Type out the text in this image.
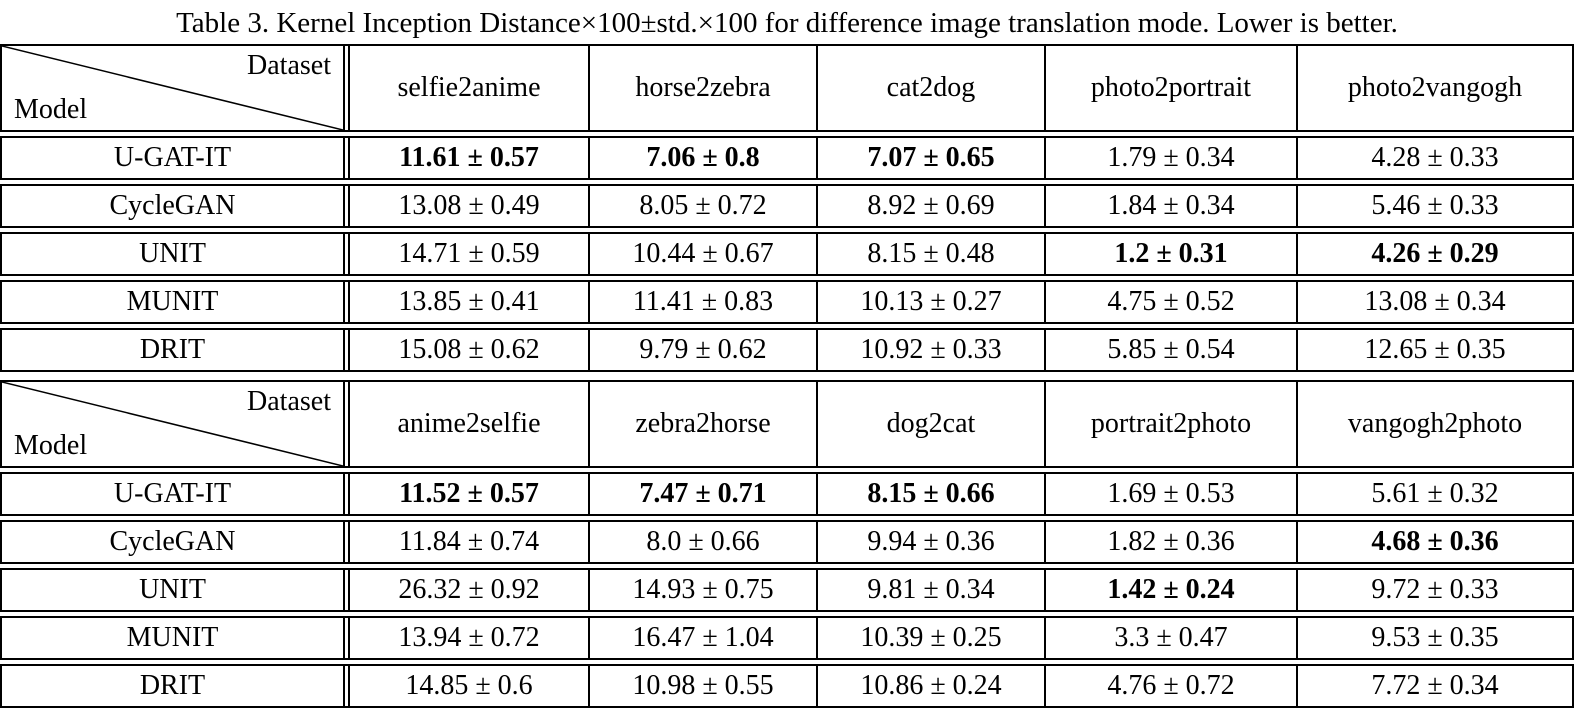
Table 3. Kernel Inception Distance×100±std.×100 for difference image translation mode. Lower is better.
Dataset
Model
selfie2anime	horse2zebra	cat2dog	photo2portrait	photo2vangogh
U-GAT-IT	11.61 ± 0.57	7.06 ± 0.8	7.07 ± 0.65	1.79 ± 0.34	4.28 ± 0.33
CycleGAN	13.08 ± 0.49	8.05 ± 0.72	8.92 ± 0.69	1.84 ± 0.34	5.46 ± 0.33
UNIT	14.71 ± 0.59	10.44 ± 0.67	8.15 ± 0.48	1.2 ± 0.31	4.26 ± 0.29
MUNIT	13.85 ± 0.41	11.41 ± 0.83	10.13 ± 0.27	4.75 ± 0.52	13.08 ± 0.34
DRIT	15.08 ± 0.62	9.79 ± 0.62	10.92 ± 0.33	5.85 ± 0.54	12.65 ± 0.35
Dataset
Model
anime2selfie	zebra2horse	dog2cat	portrait2photo	vangogh2photo
U-GAT-IT	11.52 ± 0.57	7.47 ± 0.71	8.15 ± 0.66	1.69 ± 0.53	5.61 ± 0.32
CycleGAN	11.84 ± 0.74	8.0 ± 0.66	9.94 ± 0.36	1.82 ± 0.36	4.68 ± 0.36
UNIT	26.32 ± 0.92	14.93 ± 0.75	9.81 ± 0.34	1.42 ± 0.24	9.72 ± 0.33
MUNIT	13.94 ± 0.72	16.47 ± 1.04	10.39 ± 0.25	3.3 ± 0.47	9.53 ± 0.35
DRIT	14.85 ± 0.6	10.98 ± 0.55	10.86 ± 0.24	4.76 ± 0.72	7.72 ± 0.34
